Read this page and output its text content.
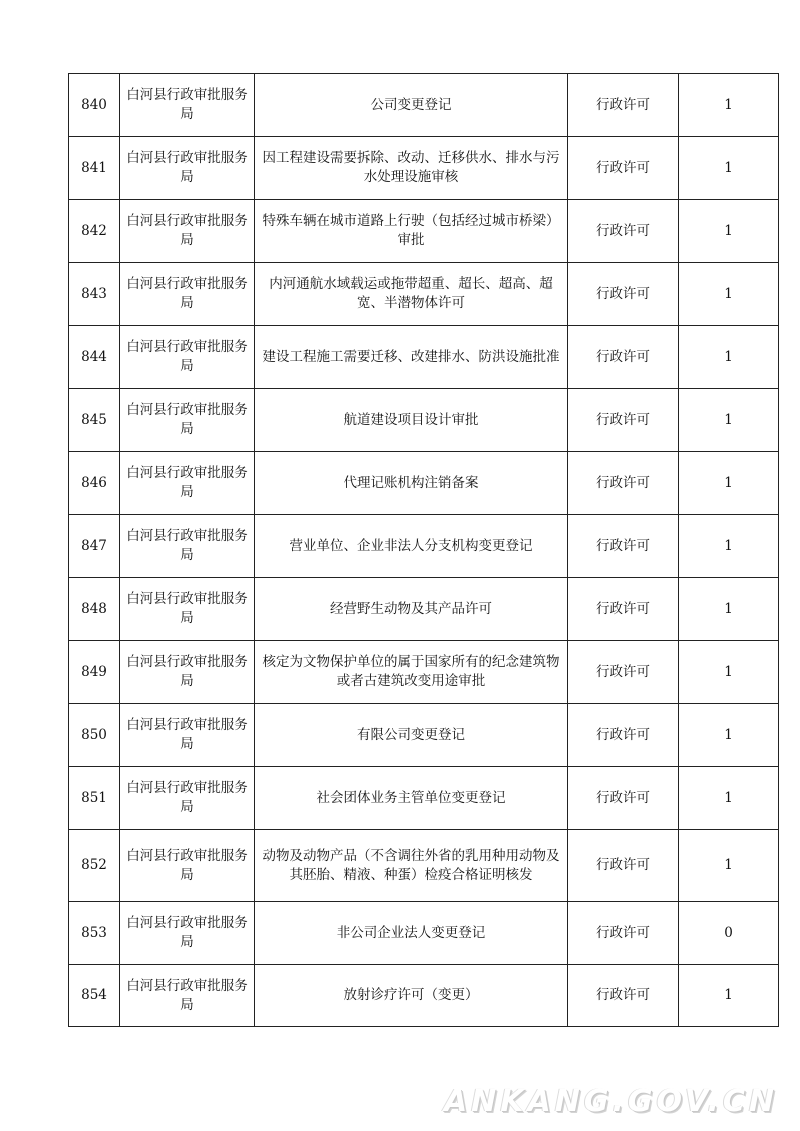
840	白河县行政审批服务局	公司变更登记	行政许可	1
841	白河县行政审批服务局	因工程建设需要拆除、改动、迁移供水、排水与污水处理设施审核	行政许可	1
842	白河县行政审批服务局	特殊车辆在城市道路上行驶（包括经过城市桥梁）审批	行政许可	1
843	白河县行政审批服务局	内河通航水域载运或拖带超重、超长、超高、超宽、半潜物体许可	行政许可	1
844	白河县行政审批服务局	建设工程施工需要迁移、改建排水、防洪设施批准	行政许可	1
845	白河县行政审批服务局	航道建设项目设计审批	行政许可	1
846	白河县行政审批服务局	代理记账机构注销备案	行政许可	1
847	白河县行政审批服务局	营业单位、企业非法人分支机构变更登记	行政许可	1
848	白河县行政审批服务局	经营野生动物及其产品许可	行政许可	1
849	白河县行政审批服务局	核定为文物保护单位的属于国家所有的纪念建筑物或者古建筑改变用途审批	行政许可	1
850	白河县行政审批服务局	有限公司变更登记	行政许可	1
851	白河县行政审批服务局	社会团体业务主管单位变更登记	行政许可	1
852	白河县行政审批服务局	动物及动物产品（不含调往外省的乳用种用动物及其胚胎、精液、种蛋）检疫合格证明核发	行政许可	1
853	白河县行政审批服务局	非公司企业法人变更登记	行政许可	0
854	白河县行政审批服务局	放射诊疗许可（变更）	行政许可	1
ANKANG.GOV.CN
